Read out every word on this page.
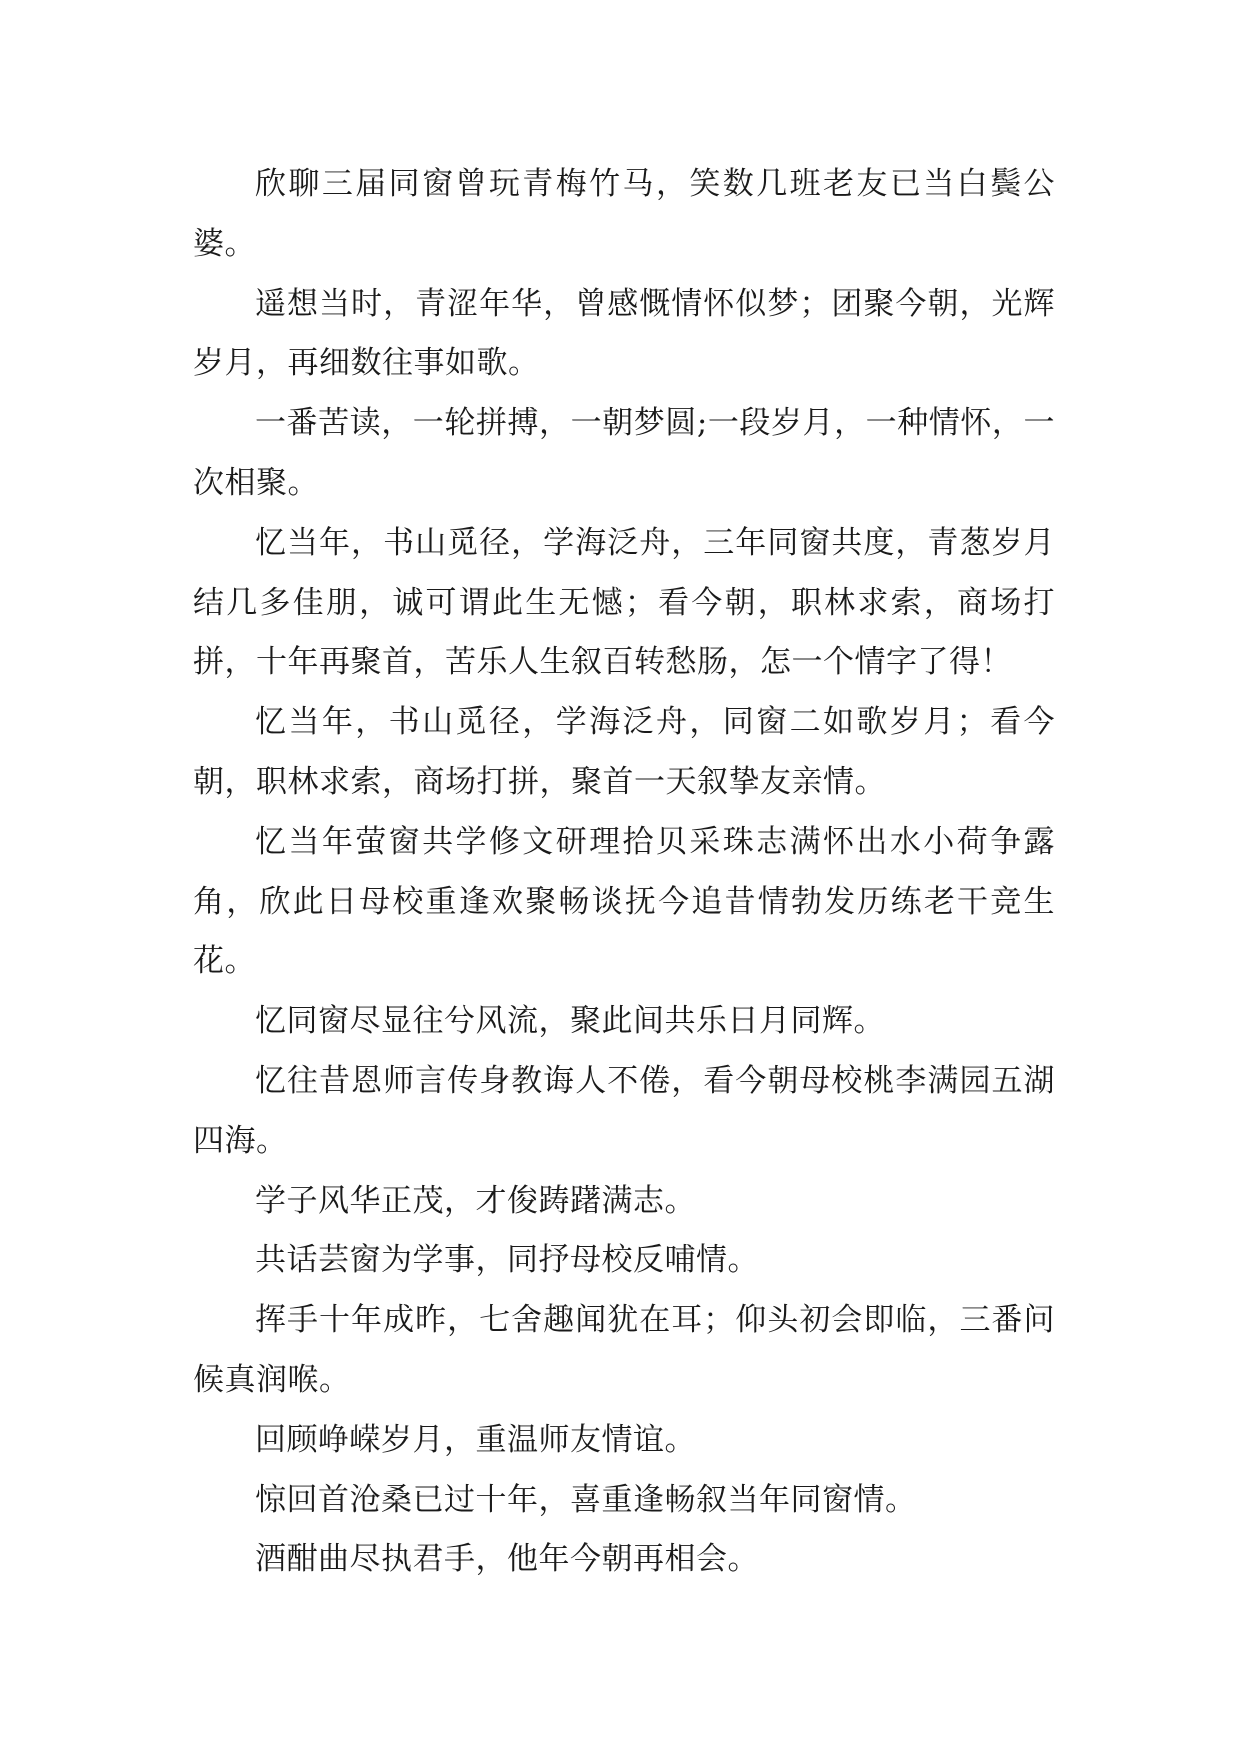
欣聊三届同窗曾玩青梅竹马，笑数几班老友已当白鬓公婆。

遥想当时，青涩年华，曾感慨情怀似梦；团聚今朝，光辉岁月，再细数往事如歌。

一番苦读，一轮拼搏，一朝梦圆;一段岁月，一种情怀，一次相聚。

忆当年，书山觅径，学海泛舟，三年同窗共度，青葱岁月结几多佳朋，诚可谓此生无憾；看今朝，职林求索，商场打拼，十年再聚首，苦乐人生叙百转愁肠，怎一个情字了得！

忆当年，书山觅径，学海泛舟，同窗二如歌岁月；看今朝，职林求索，商场打拼，聚首一天叙挚友亲情。

忆当年萤窗共学修文研理拾贝采珠志满怀出水小荷争露角，欣此日母校重逢欢聚畅谈抚今追昔情勃发历练老干竞生花。

忆同窗尽显往兮风流，聚此间共乐日月同辉。

忆往昔恩师言传身教诲人不倦，看今朝母校桃李满园五湖四海。

学子风华正茂，才俊踌躇满志。

共话芸窗为学事，同抒母校反哺情。

挥手十年成昨，七舍趣闻犹在耳；仰头初会即临，三番问候真润喉。

回顾峥嵘岁月，重温师友情谊。

惊回首沧桑已过十年，喜重逢畅叙当年同窗情。

酒酣曲尽执君手，他年今朝再相会。
